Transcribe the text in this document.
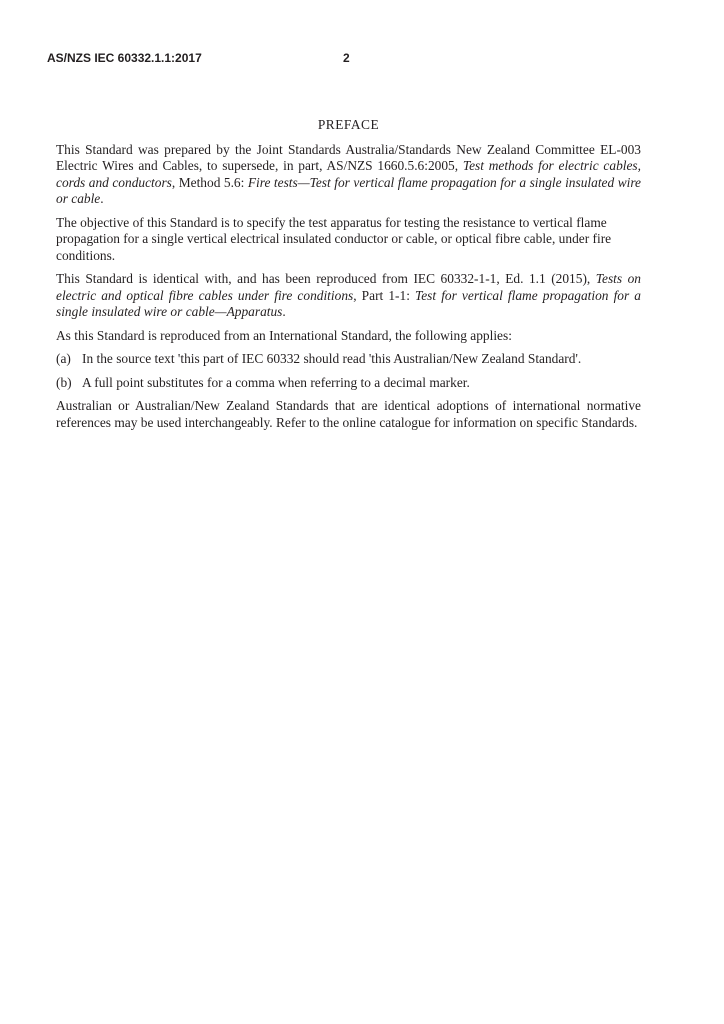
AS/NZS IEC 60332.1.1:2017	2
PREFACE

This Standard was prepared by the Joint Standards Australia/Standards New Zealand Committee EL-003 Electric Wires and Cables, to supersede, in part, AS/NZS 1660.5.6:2005, Test methods for electric cables, cords and conductors, Method 5.6: Fire tests—Test for vertical flame propagation for a single insulated wire or cable.

The objective of this Standard is to specify the test apparatus for testing the resistance to vertical flame propagation for a single vertical electrical insulated conductor or cable, or optical fibre cable, under fire conditions.

This Standard is identical with, and has been reproduced from IEC 60332-1-1, Ed. 1.1 (2015), Tests on electric and optical fibre cables under fire conditions, Part 1-1: Test for vertical flame propagation for a single insulated wire or cable—Apparatus.

As this Standard is reproduced from an International Standard, the following applies:

(a) In the source text 'this part of IEC 60332 should read 'this Australian/New Zealand Standard'.
(b) A full point substitutes for a comma when referring to a decimal marker.

Australian or Australian/New Zealand Standards that are identical adoptions of international normative references may be used interchangeably. Refer to the online catalogue for information on specific Standards.
